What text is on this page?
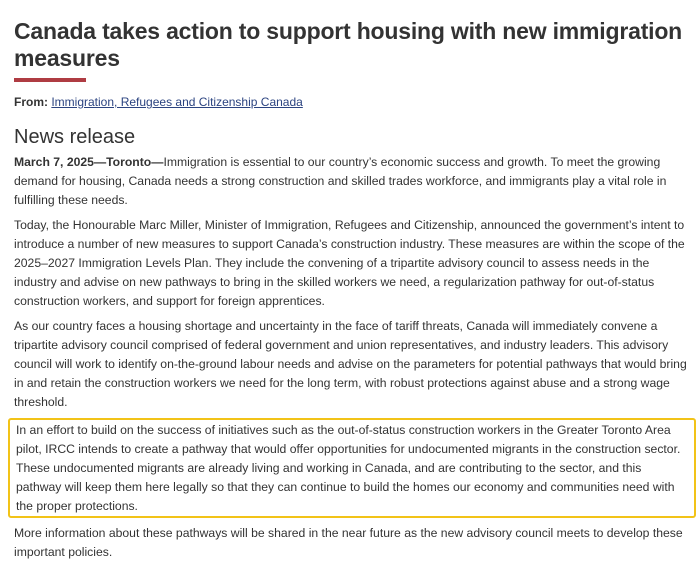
Canada takes action to support housing with new immigration measures
From: Immigration, Refugees and Citizenship Canada
News release

March 7, 2025—Toronto—Immigration is essential to our country’s economic success and growth. To meet the growing demand for housing, Canada needs a strong construction and skilled trades workforce, and immigrants play a vital role in fulfilling these needs.

Today, the Honourable Marc Miller, Minister of Immigration, Refugees and Citizenship, announced the government’s intent to introduce a number of new measures to support Canada’s construction industry. These measures are within the scope of the 2025–2027 Immigration Levels Plan. They include the convening of a tripartite advisory council to assess needs in the industry and advise on new pathways to bring in the skilled workers we need, a regularization pathway for out-of-status construction workers, and support for foreign apprentices.

As our country faces a housing shortage and uncertainty in the face of tariff threats, Canada will immediately convene a tripartite advisory council comprised of federal government and union representatives, and industry leaders. This advisory council will work to identify on-the-ground labour needs and advise on the parameters for potential pathways that would bring in and retain the construction workers we need for the long term, with robust protections against abuse and a strong wage threshold.

In an effort to build on the success of initiatives such as the out-of-status construction workers in the Greater Toronto Area pilot, IRCC intends to create a pathway that would offer opportunities for undocumented migrants in the construction sector. These undocumented migrants are already living and working in Canada, and are contributing to the sector, and this pathway will keep them here legally so that they can continue to build the homes our economy and communities need with the proper protections.

More information about these pathways will be shared in the near future as the new advisory council meets to develop these important policies.
